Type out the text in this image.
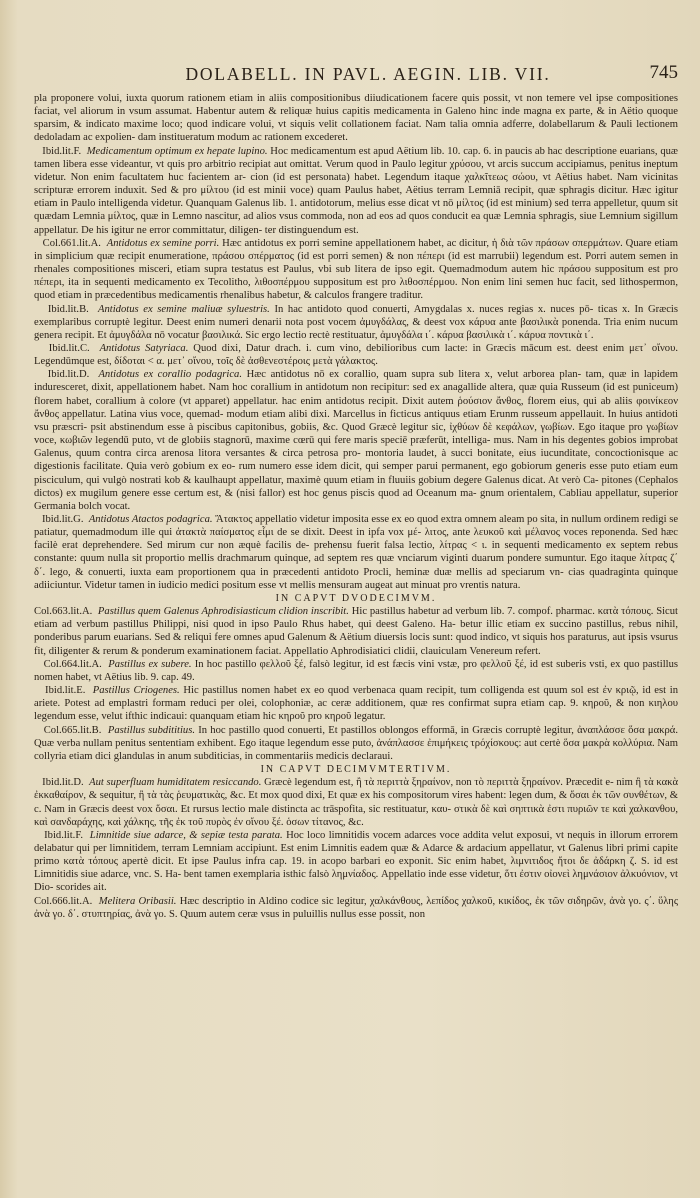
DOLABELL. IN PAVL. AEGIN. LIB. VII.	745

pla proponere volui, iuxta quorum rationem etiam in aliis compositionibus diiudicationem facere quis possit, vt non temere vel ipse compositiones faciat, vel aliorum in vsum assumat. Habentur autem & reliquæ huius capitis medicamenta in Galeno hinc inde magna ex parte, & in Aëtio quoque sparsim, & indicato maxime loco; quod indicare volui, vt siquis velit collationem faciat. Nam talia omnia adferre, dolabellarum & Pauli lectionem dedoladam ac expolien- dam institueratum modum ac rationem excederet.

Ibid.lit.F. Medicamentum optimum ex hepate lupino. Hoc medicamentum est apud Aëtium lib. 10. cap. 6. in paucis ab hac descriptione euarians, quæ tamen libera esse videantur, vt quis pro arbitrio recipiat aut omittat. Verum quod in Paulo legitur χρύσου, vt arcis succum accipiamus, penitus ineptum videtur. Non enim facultatem huc facientem ar- cion (id est personata) habet. Legendum itaque χαλκῖτεως σώου, vt Aëtius habet. Nam vicinitas scripturæ errorem induxit. Sed & pro μίλτου (id est minii voce) quam Paulus habet, Aëtius terram Lemniā recipit, quæ sphragis dicitur. Hæc igitur etiam in Paulo intelligenda videtur. Quanquam Galenus lib. 1. antidotorum, melius esse dicat vt nō μίλτος (id est minium) sed terra appelletur, quum sit quædam Lemnia μίλτος, quæ in Lemno nascitur, ad alios vsus commoda, non ad eos ad quos conducit ea quæ Lemnia sphragis, siue Lemnium sigillum appellatur. De his igitur ne error committatur, diligen- ter distinguendum est.

Col.661.lit.A. Antidotus ex semine porri. Hæc antidotus ex porri semine appellationem habet, ac dicitur, ἡ διὰ τῶν πράσων σπερμάτων. Quare etiam in simplicium quæ recipit enumeratione, πράσου σπέρματος (id est porri semen) & non πέπερι (id est marrubii) legendum est. Porri autem semen in rhenales compositiones misceri, etiam supra testatus est Paulus, vbi sub litera de ipso egit. Quemadmodum autem hic πράσου suppositum est pro πέπερι, ita in sequenti medicamento ex Tecolitho, λιθοσπέρμου suppositum est pro λιθοσπέρμου. Non enim lini semen huc facit, sed lithospermon, quod etiam in præcedentibus medicamentis rhenalibus habetur, & calculos frangere traditur.

Ibid.lit.B. Antidotus ex semine maliuæ syluestris. In hac antidoto quod conuerti, Amygdalas x. nuces regias x. nuces pō- ticas x. In Græcis exemplaribus corruptè legitur. Deest enim numeri denarii nota post vocem ἀμυγδάλας, & deest vox κάρυα ante βασιλικὰ ponenda. Tria enim nucum genera recipit. Et ἀμυγδάλα nō vocatur βασιλικά. Sic ergo lectio rectè restituatur, ἀμυγδάλα ι΄. κάρυα βασιλικὰ ι΄. κάρυα ποντικὰ ι΄.

Ibid.lit.C. Antidotus Satyriaca. Quod dixi, Datur drach. i. cum vino, debilioribus cum lacte: in Græcis mācum est. deest enim μετ᾽ οἴνου. Legendūmque est, δίδοται < α. μετ᾽ οἴνου, τοῖς δὲ ἀσθενεστέροις μετὰ γάλακτος.

Ibid.lit.D. Antidotus ex corallio podagrica. Hæc antidotus nō ex corallio, quam supra sub litera x, velut arborea plan- tam, quæ in lapidem induresceret, dixit, appellationem habet. Nam hoc corallium in antidotum non recipitur: sed ex anagallide altera, quæ quia Russeum (id est puniceum) florem habet, corallium à colore (vt apparet) appellatur. hac enim antidotus recipit. Dixit autem ῥούσιον ἄνθος, florem eius, qui ab aliis φοινίκεον ἄνθος appellatur. Latina vius voce, quemad- modum etiam alibi dixi. Marcellus in ficticus antiquus etiam Erunm russeum appellauit. In huius antidoti vsu præscri- psit abstinendum esse à piscibus capitonibus, gobiis, &c. Quod Græcè legitur sic, ἰχθύων δὲ κεφάλων, γωβίων. Ego itaque pro γωβίων voce, κωβιῶν legendū puto, vt de globiis stagnorū, maxime cœrū qui fere maris speciē præferūt, intelliga- mus. Nam in his degentes gobios improbat Galenus, quum contra circa arenosa litora versantes & circa petrosa pro- montoria laudet, à succi bonitate, eius iucunditate, concoctionisque ac digestionis facilitate. Quia verò gobium ex eo- rum numero esse idem dicit, qui semper parui permanent, ego gobiorum generis esse puto etiam eum pisciculum, qui vulgò nostrati kob & kaulhaupt appellatur, maximè quum etiam in fluuiis gobium degere Galenus dicat. At verò Ca- pitones (Cephalos dictos) ex mugilum genere esse certum est, & (nisi fallor) est hoc genus piscis quod ad Oceanum ma- gnum orientalem, Cabliau appellatur, superior Germania bolch vocat.

Ibid.lit.G. Antidotus Atactos podagrica. Ἄτακτος appellatio videtur imposita esse ex eo quod extra omnem aleam po sita, in nullum ordinem redigi se patiatur, quemadmodum ille qui ἀτακτὰ παίσματος εἶμι de se dixit. Deest in ipfa vox μέ- λιτος, ante λευκοῦ καὶ μέλανος voces reponenda. Sed hæc facilè erat deprehendere. Sed mirum cur non æquè facilis de- prehensu fuerit falsa lectio, λίτρας < ι. in sequenti medicamento ex septem rebus constante: quum nulla sit proportio mellis drachmarum quinque, ad septem res quæ vnciarum viginti duarum pondere sumuntur. Ego itaque λίτρας ζ΄ δ΄. lego, & conuerti, iuxta eam proportionem qua in præcedenti antidoto Procli, heminæ duæ mellis ad speciarum vn- cias quadraginta quinque adiiciuntur. Videtur tamen in iudicio medici positum esse vt mellis mensuram augeat aut minuat pro vrentis natura.

IN CAPVT DVODECIMVM.

Col.663.lit.A. Pastillus quem Galenus Aphrodisiasticum clidion inscribit. Hic pastillus habetur ad verbum lib. 7. compof. pharmac. κατὰ τόπους. Sicut etiam ad verbum pastillus Philippi, nisi quod in ipso Paulo Rhus habet, qui deest Galeno. Ha- betur illic etiam ex succino pastillus, rebus nihil, ponderibus parum euarians. Sed & reliqui fere omnes apud Galenum & Aëtium diuersis locis sunt: quod indico, vt siquis hos paraturus, aut ipsis vsurus fit, diligenter & rerum & ponderum examinationem faciat. Appellatio Aphrodisiatici clidii, clauiculam Venereum refert.

Col.664.lit.A. Pastillus ex subere. In hoc pastillo φελλοῦ ξέ, falsò legitur, id est fæcis vini vstæ, pro φελλοῦ ξέ, id est suberis vsti, ex quo pastillus nomen habet, vt Aëtius lib. 9. cap. 49.

Ibid.lit.E. Pastillus Criogenes. Hic pastillus nomen habet ex eo quod verbenaca quam recipit, tum colligenda est quum sol est ἐν κριῷ, id est in ariete. Potest ad emplastri formam reduci per olei, colophoniæ, ac ceræ additionem, quæ res confirmat supra etiam cap. 9. κηροῦ, & non κιηλου legendum esse, velut ifthic indicaui: quanquam etiam hic κηροῦ pro κηροῦ legatur.

Col.665.lit.B. Pastillus subdititius. In hoc pastillo quod conuerti, Et pastillos oblongos efformā, in Græcis corruptè legitur, ἀναπλάσσε ὅσα μακρά. Quæ verba nullam penitus sententiam exhibent. Ego itaque legendum esse puto, ἀνάπλασσε ἐπιμήκεις τρόχίσκους: aut certè ὅσα μακρὰ κολλύρια. Nam collyria etiam dici glandulas in anum subditicias, in commentariis medicis declaraui.

IN CAPVT DECIMVMTERTIVM.

Ibid.lit.D. Aut superfluam humiditatem resiccando. Græcè legendum est, ἢ τὰ περιττὰ ξηραίνον, non τὸ περιττὰ ξηραίνον. Præcedit e- nim ἢ τὰ κακὰ ἐκκαθαίρον, & sequitur, ἢ τὰ τὰς ῥευματικὰς, &c. Et mox quod dixi, Et quæ ex his compositorum vires habent: legen dum, & ὅσαι ἐκ τῶν συνθέτων, & c. Nam in Græcis deest vox ὅσαι. Et rursus lectio male distincta ac trāspofita, sic restituatur, καυ- στικὰ δὲ καὶ σηπτικὰ ἐστι πυριῶν τε καὶ χαλκανθου, καὶ σανδαράχης, καὶ χάλκης, τῆς ἐκ τοῦ πυρὸς ἐν οἴνου ξέ. ὁσων τίτανος, &c.

Ibid.lit.F. Limnitide siue adarce, & sepiæ testa parata. Hoc loco limnitidis vocem adarces voce addita velut exposui, vt nequis in illorum errorem delabatur qui per limnitidem, terram Lemniam accipiunt. Est enim Limnitis eadem quæ & Adarce & ardacium appellatur, vt Galenus libri primi capite primo κατὰ τόπους apertè dicit. Et ipse Paulus infra cap. 19. in acopo barbari eo exponit. Sic enim habet, λιμνιτιδος ἤτοι δε ἀδάρκη ζ. S. id est Limnitidis siue adarce, vnc. S. Ha- bent tamen exemplaria isthic falsò λημνίαδος. Appellatio inde esse videtur, ὅτι ἐστιν οἰονεὶ λημνάσιον ἀλκυόνιον, vt Dio- scorides ait.

Col.666.lit.A. Melitera Oribasii. Hæc descriptio in Aldino codice sic legitur, χαλκάνθους, λεπίδος χαλκοῦ, κικίδος, ἐκ τῶν σιδηρῶν, ἀνὰ γο. ς΄. ὕλης ἀνὰ γο. δ΄. στυπτηρίας, ἀνὰ γο. S. Quum autem ceræ vsus in puluillis nullus esse possit, non
